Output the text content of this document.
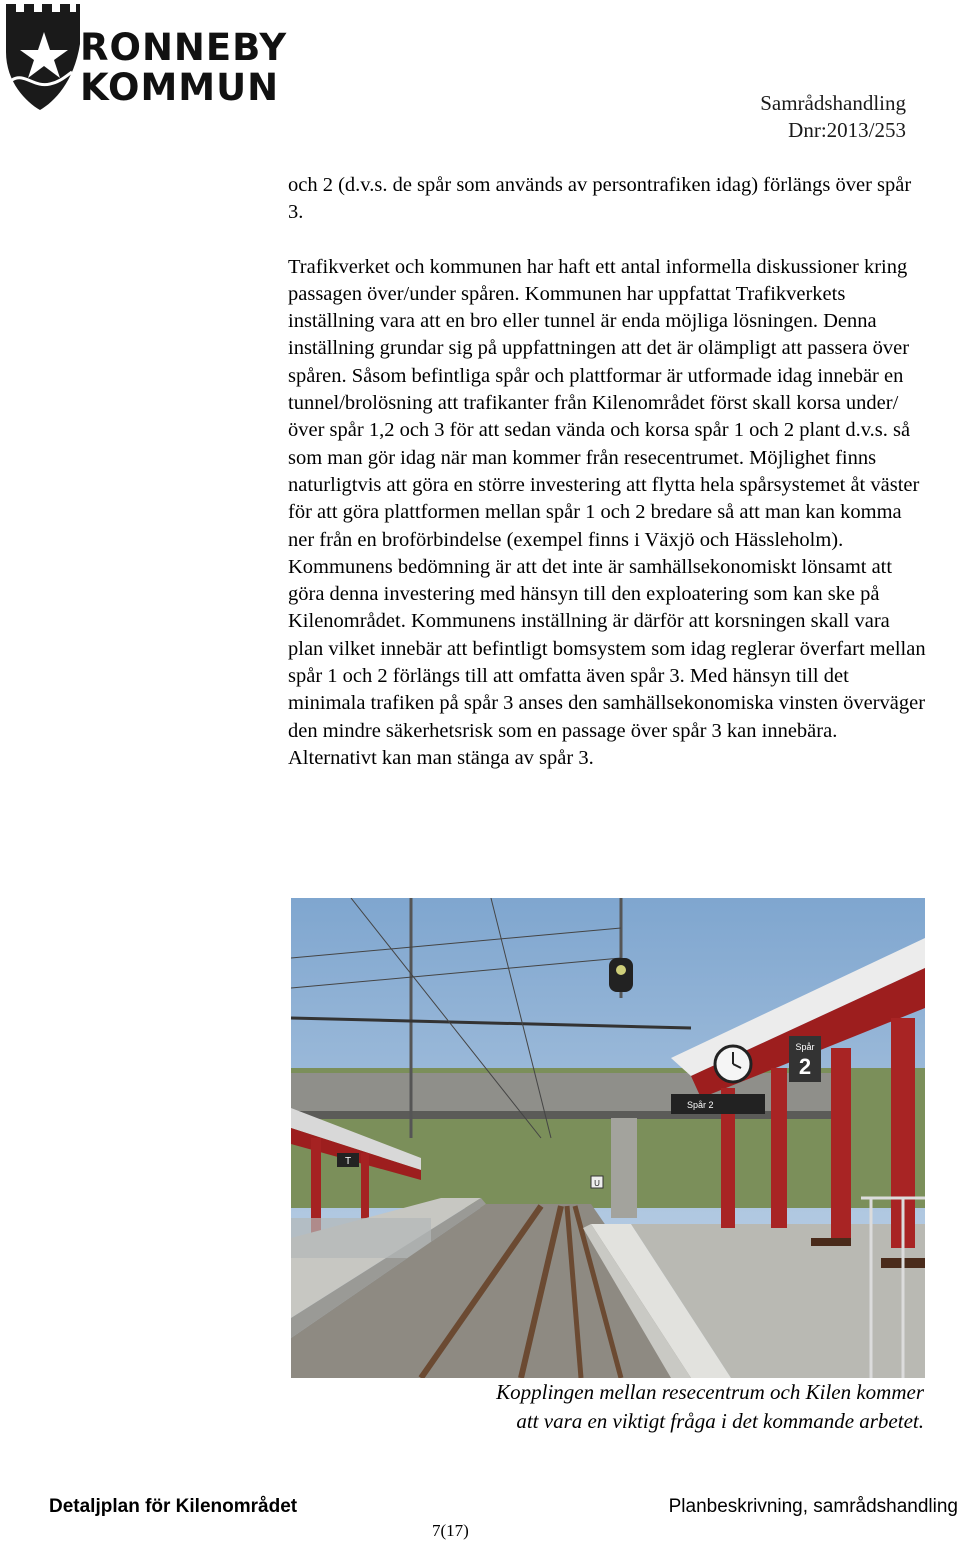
RONNEBY
KOMMUN	Samrådshandling
Dnr:2013/253

och 2 (d.v.s. de spår som används av persontrafiken idag) förlängs över spår 3.

Trafikverket och kommunen har haft ett antal informella diskussioner kring passagen över/under spåren. Kommunen har uppfattat Trafikverkets inställning vara att en bro eller tunnel är enda möjliga lösningen. Denna inställning grundar sig på uppfattningen att det är olämpligt att passera över spåren. Såsom befintliga spår och plattformar är utformade idag innebär en tunnel/brolösning att trafikanter från Kilenområdet först skall korsa under/över spår 1,2 och 3 för att sedan vända och korsa spår 1 och 2 plant d.v.s. så som man gör idag när man kommer från resecentrumet. Möjlighet finns naturligtvis att göra en större investering att flytta hela spårsystemet åt väster för att göra plattformen mellan spår 1 och 2 bredare så att man kan komma ner från en broförbindelse (exempel finns i Växjö och Hässleholm). Kommunens bedömning är att det inte är samhällsekonomiskt lönsamt att göra denna investering med hänsyn till den exploatering som kan ske på Kilenområdet. Kommunens inställning är därför att korsningen skall vara plan vilket innebär att befintligt bomsystem som idag reglerar överfart mellan spår 1 och 2 förlängs till att omfatta även spår 3. Med hänsyn till det minimala trafiken på spår 3 anses den samhällsekonomiska vinsten överväger den mindre säkerhetsrisk som en passage över spår 3 kan innebära. Alternativt kan man stänga av spår 3.

T
Spår
2
Spår 2
U
Kopplingen mellan resecentrum och Kilen kommer
att vara en viktigt fråga i det kommande arbetet.
Detaljplan för Kilenområdet	Planbeskrivning, samrådshandling
7(17)
